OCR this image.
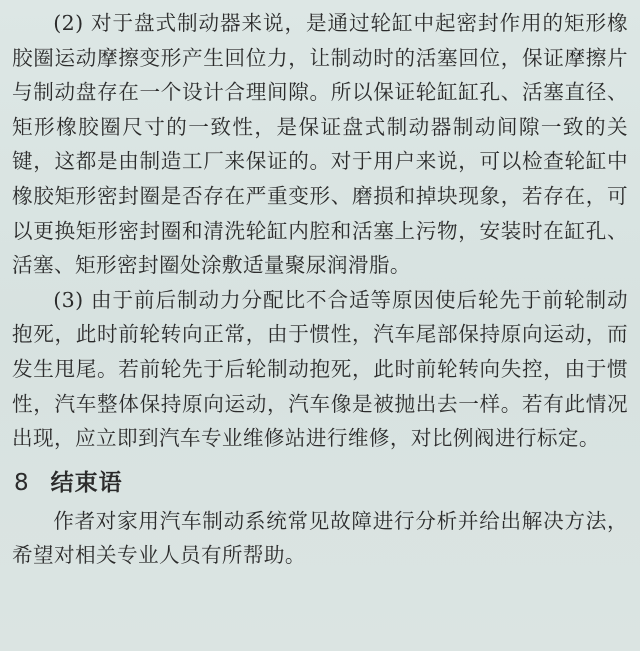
(2) 对于盘式制动器来说，是通过轮缸中起密封作用的矩形橡胶圈运动摩擦变形产生回位力，让制动时的活塞回位，保证摩擦片与制动盘存在一个设计合理间隙。所以保证轮缸缸孔、活塞直径、矩形橡胶圈尺寸的一致性，是保证盘式制动器制动间隙一致的关键，这都是由制造工厂来保证的。对于用户来说，可以检查轮缸中橡胶矩形密封圈是否存在严重变形、磨损和掉块现象，若存在，可以更换矩形密封圈和清洗轮缸内腔和活塞上污物，安装时在缸孔、活塞、矩形密封圈处涂敷适量聚尿润滑脂。

(3) 由于前后制动力分配比不合适等原因使后轮先于前轮制动抱死，此时前轮转向正常，由于惯性，汽车尾部保持原向运动，而发生甩尾。若前轮先于后轮制动抱死，此时前轮转向失控，由于惯性，汽车整体保持原向运动，汽车像是被抛出去一样。若有此情况出现，应立即到汽车专业维修站进行维修，对比例阀进行标定。

8 结束语

作者对家用汽车制动系统常见故障进行分析并给出解决方法，希望对相关专业人员有所帮助。
